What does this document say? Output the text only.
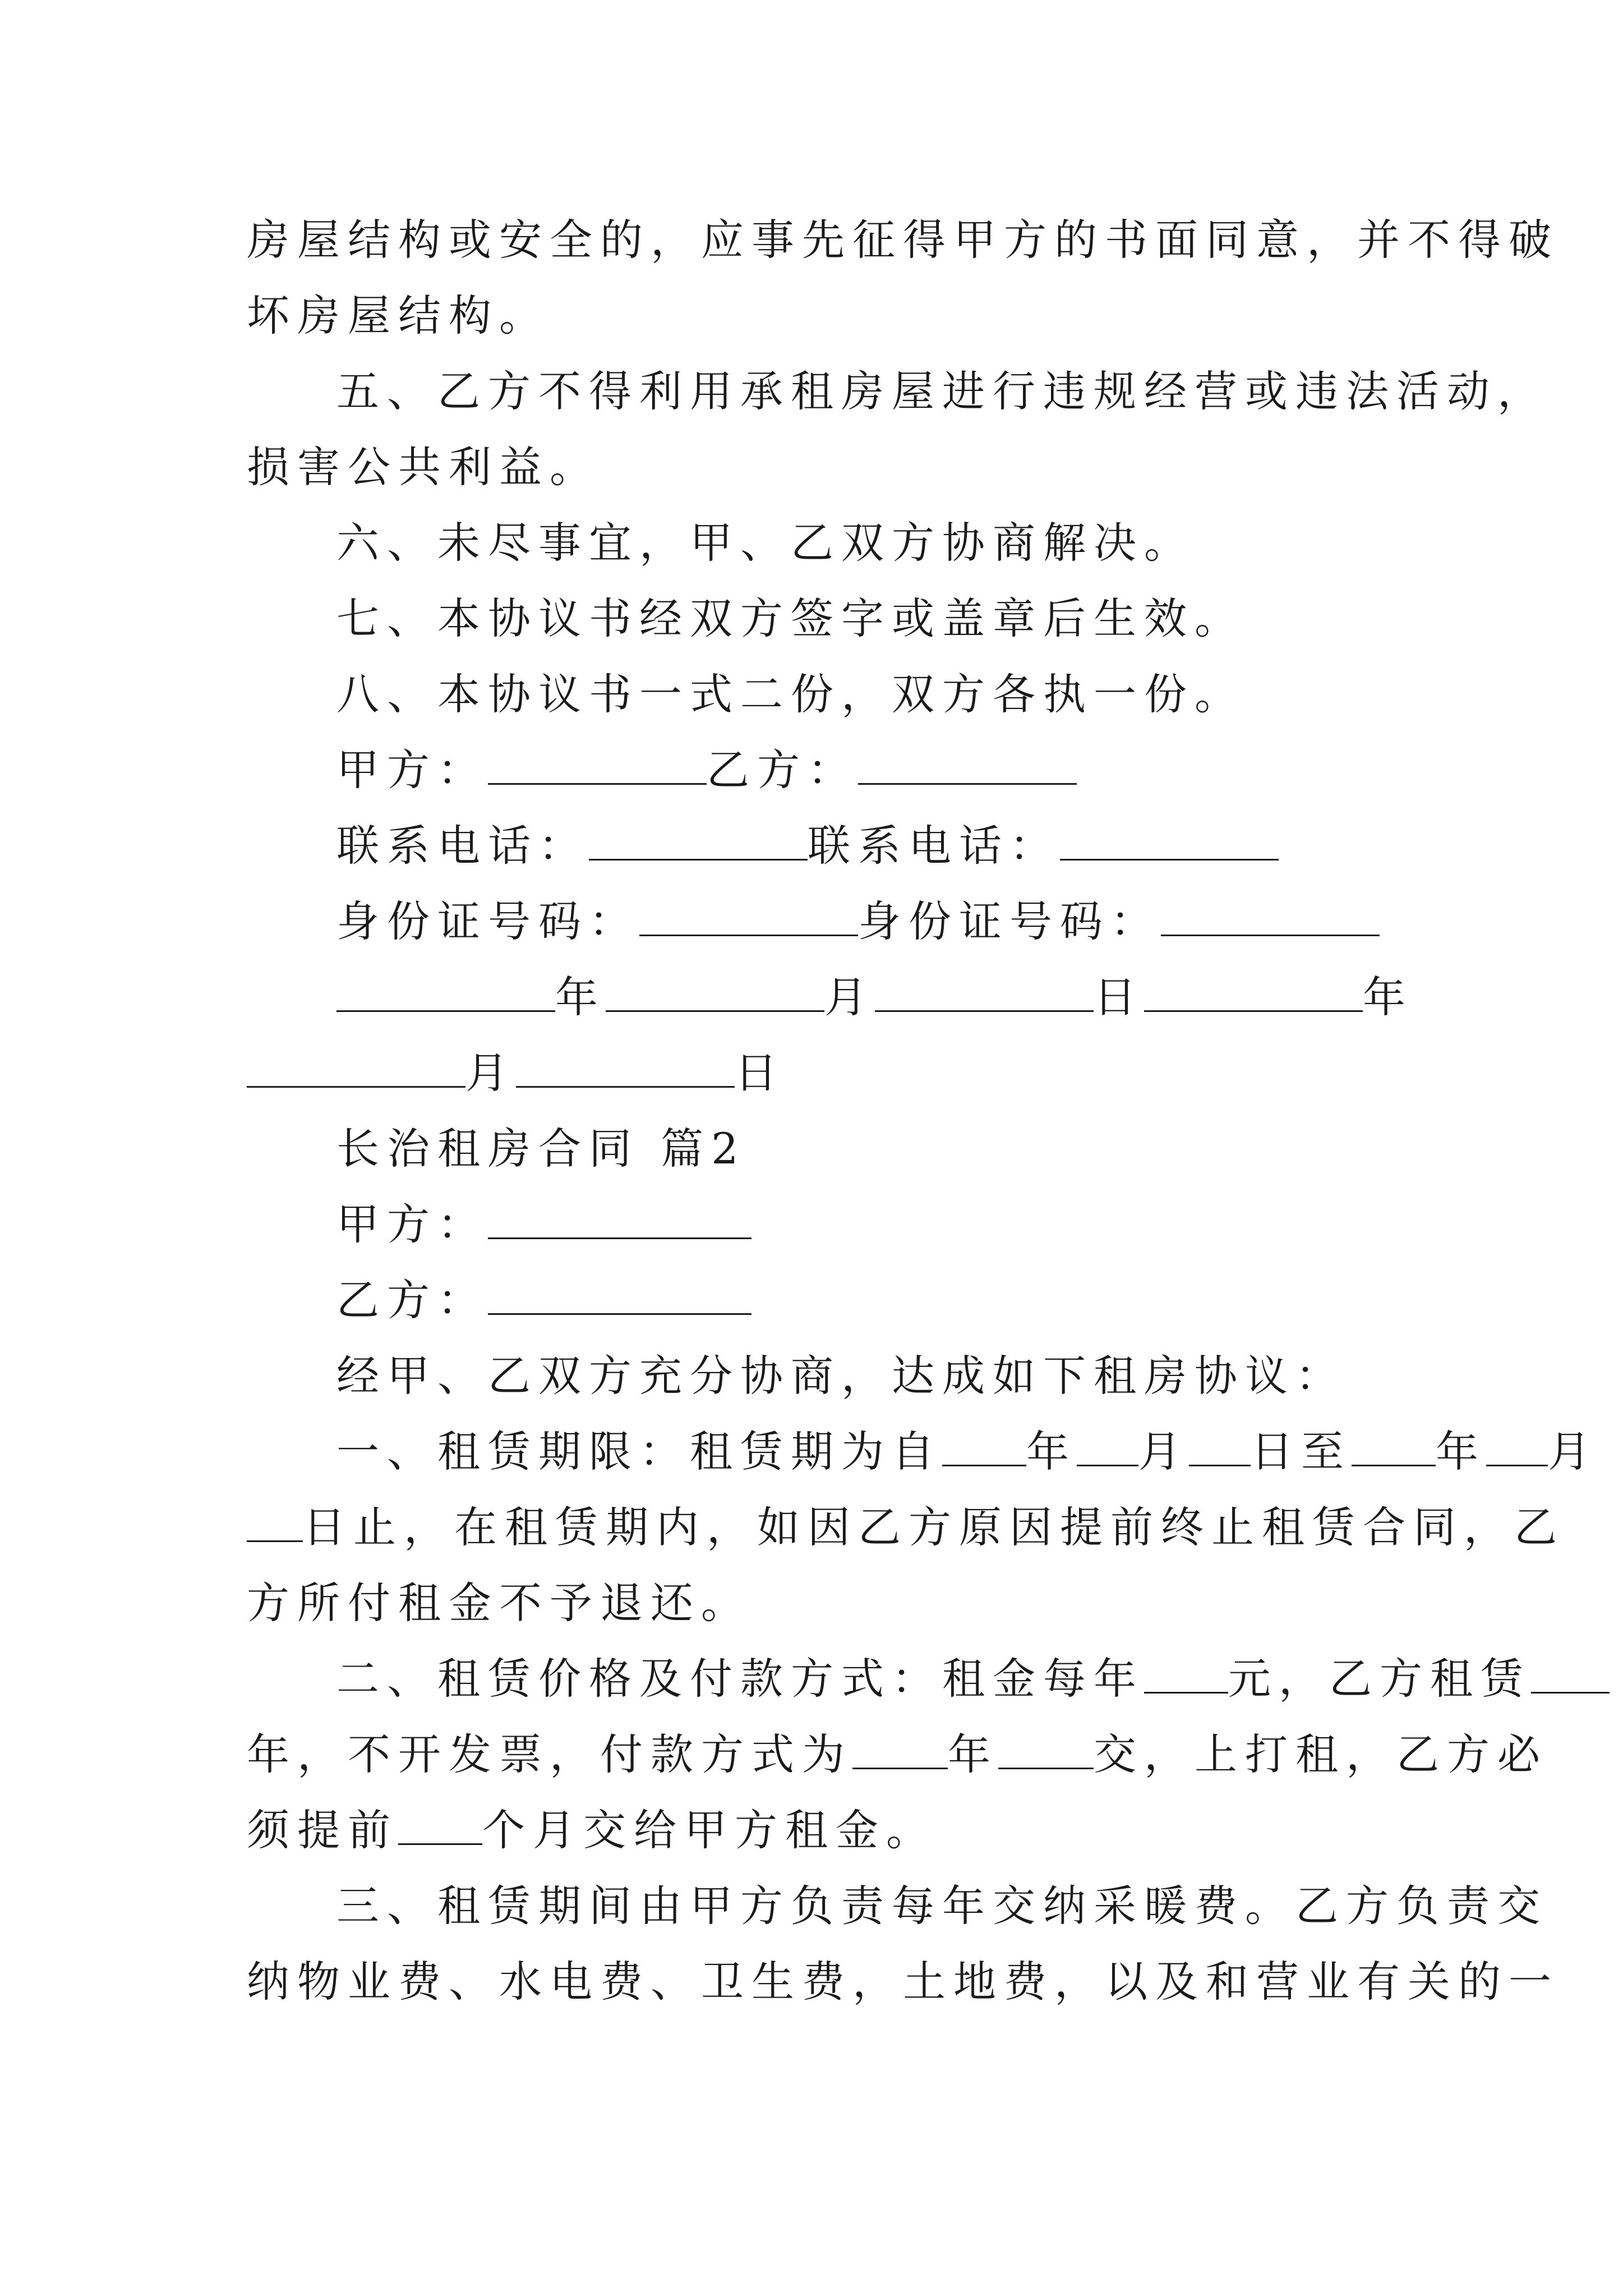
房屋结构或安全的，应事先征得甲方的书面同意，并不得破

坏房屋结构。

五、乙方不得利用承租房屋进行违规经营或违法活动，

损害公共利益。

六、未尽事宜，甲、乙双方协商解决。

七、本协议书经双方签字或盖章后生效。

八、本协议书一式二份，双方各执一份。

甲方：	乙方：
联系电话：	联系电话：
身份证号码：	身份证号码：
年	月	日	年
月	日

长治租房合同 篇2

甲方：
乙方：

经甲、乙双方充分协商，达成如下租房协议：

一、租赁期限：租赁期为自 年 月 日至 年 月
日止，在租赁期内，如因乙方原因提前终止租赁合同，乙

方所付租金不予退还。

二、租赁价格及付款方式：租金每年 元，乙方租赁
年，不开发票，付款方式为 年 交，上打租，乙方必
须提前 个月交给甲方租金。

三、租赁期间由甲方负责每年交纳采暖费。乙方负责交

纳物业费、水电费、卫生费，土地费，以及和营业有关的一
